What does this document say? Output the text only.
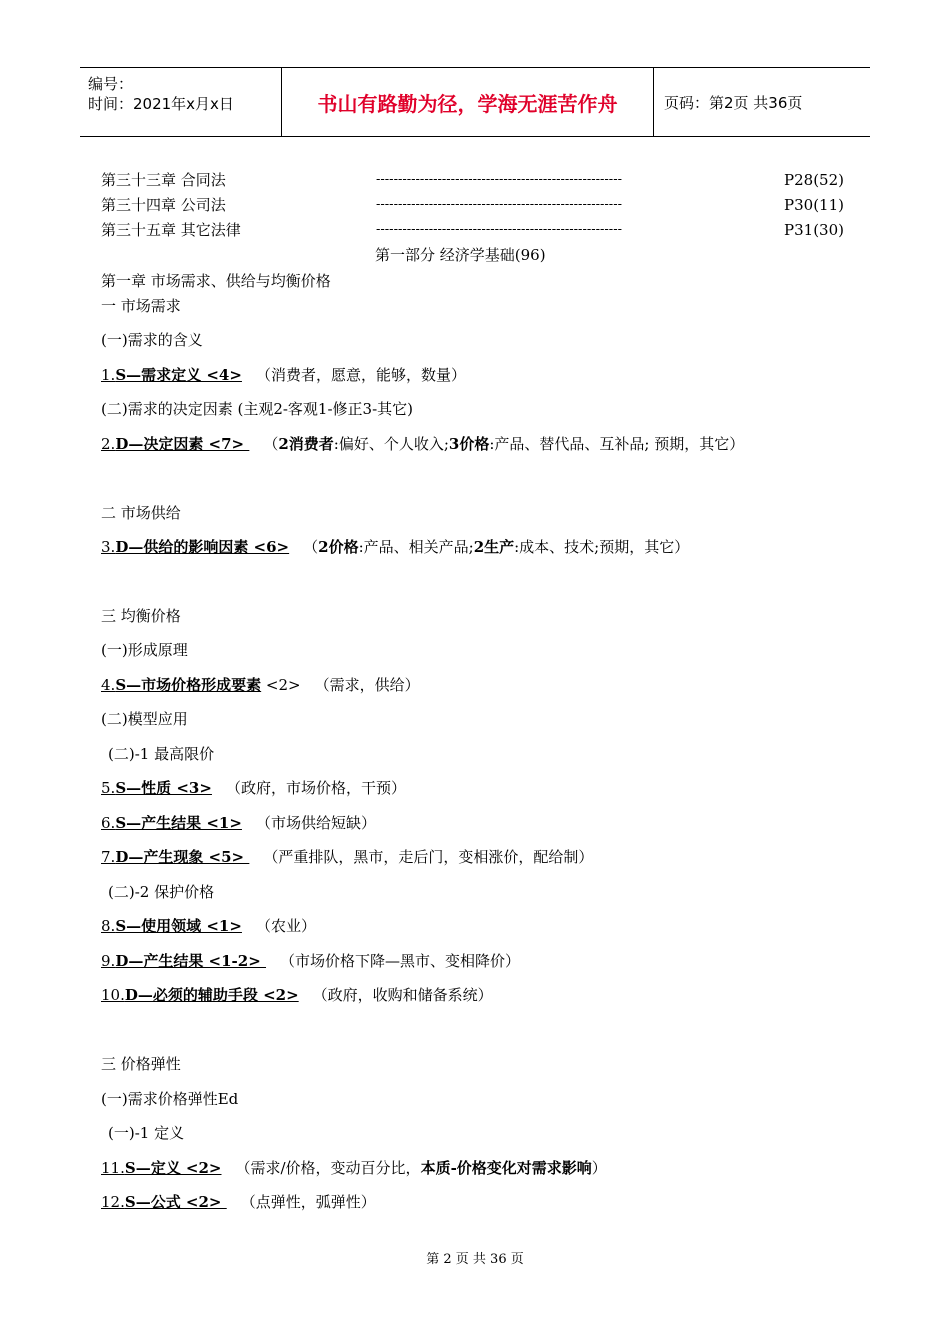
编号：
时间：2021年x月x日	书山有路勤为径，学海无涯苦作舟	页码：第2页 共36页
第三十三章 合同法	--------------------------------------------------------	P28(52)
第三十四章 公司法	--------------------------------------------------------	P30(11)
第三十五章 其它法律	--------------------------------------------------------	P31(30)
第一部分 经济学基础(96)
第一章 市场需求、供给与均衡价格
一 市场需求
(一)需求的含义
1.S—需求定义 <4> （消费者，愿意，能够，数量）
(二)需求的决定因素 (主观2-客观1-修正3-其它)
2.D—决定因素 <7> （2消费者:偏好、个人收入;3价格:产品、替代品、互补品; 预期，其它）
二 市场供给
3.D—供给的影响因素 <6> （2价格:产品、相关产品;2生产:成本、技术;预期，其它）
三 均衡价格
(一)形成原理
4.S—市场价格形成要素 <2> （需求，供给）
(二)模型应用
(二)-1 最高限价
5.S—性质 <3> （政府，市场价格，干预）
6.S—产生结果 <1> （市场供给短缺）
7.D—产生现象 <5> （严重排队，黑市，走后门，变相涨价，配给制）
(二)-2 保护价格
8.S—使用领域 <1> （农业）
9.D—产生结果 <1-2> （市场价格下降—黑市、变相降价）
10.D—必须的辅助手段 <2> （政府，收购和储备系统）
三 价格弹性
(一)需求价格弹性Ed
(一)-1 定义
11.S—定义 <2> （需求/价格，变动百分比，本质-价格变化对需求影响）
12.S—公式 <2> （点弹性，弧弹性）
第 2 页 共 36 页
